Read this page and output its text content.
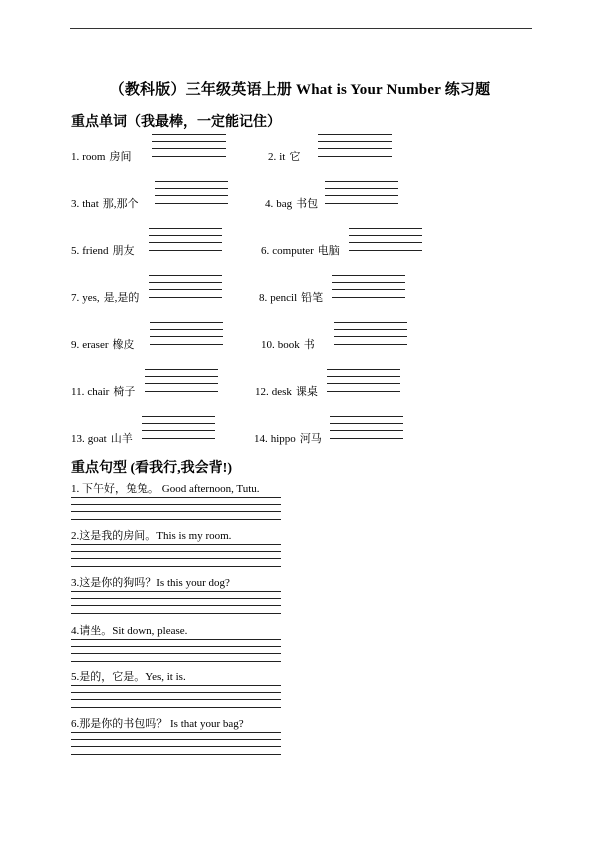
（教科版）三年级英语上册 What is Your Number 练习题
重点单词（我最棒，一定能记住）
1. room 房间	2. it 它
3. that 那,那个	4. bag 书包
5. friend 朋友	6. computer 电脑
7. yes, 是,是的	8. pencil 铅笔
9. eraser 橡皮	10. book 书
11. chair 椅子	12. desk 课桌
13. goat 山羊	14. hippo 河马
重点句型 (看我行,我会背!)
1. 下午好，兔兔。 Good afternoon, Tutu.
2.这是我的房间。This is my room.
3.这是你的狗吗？Is this your dog?
4.请坐。Sit down, please.
5.是的，它是。Yes, it is.
6.那是你的书包吗？ Is that your bag?
